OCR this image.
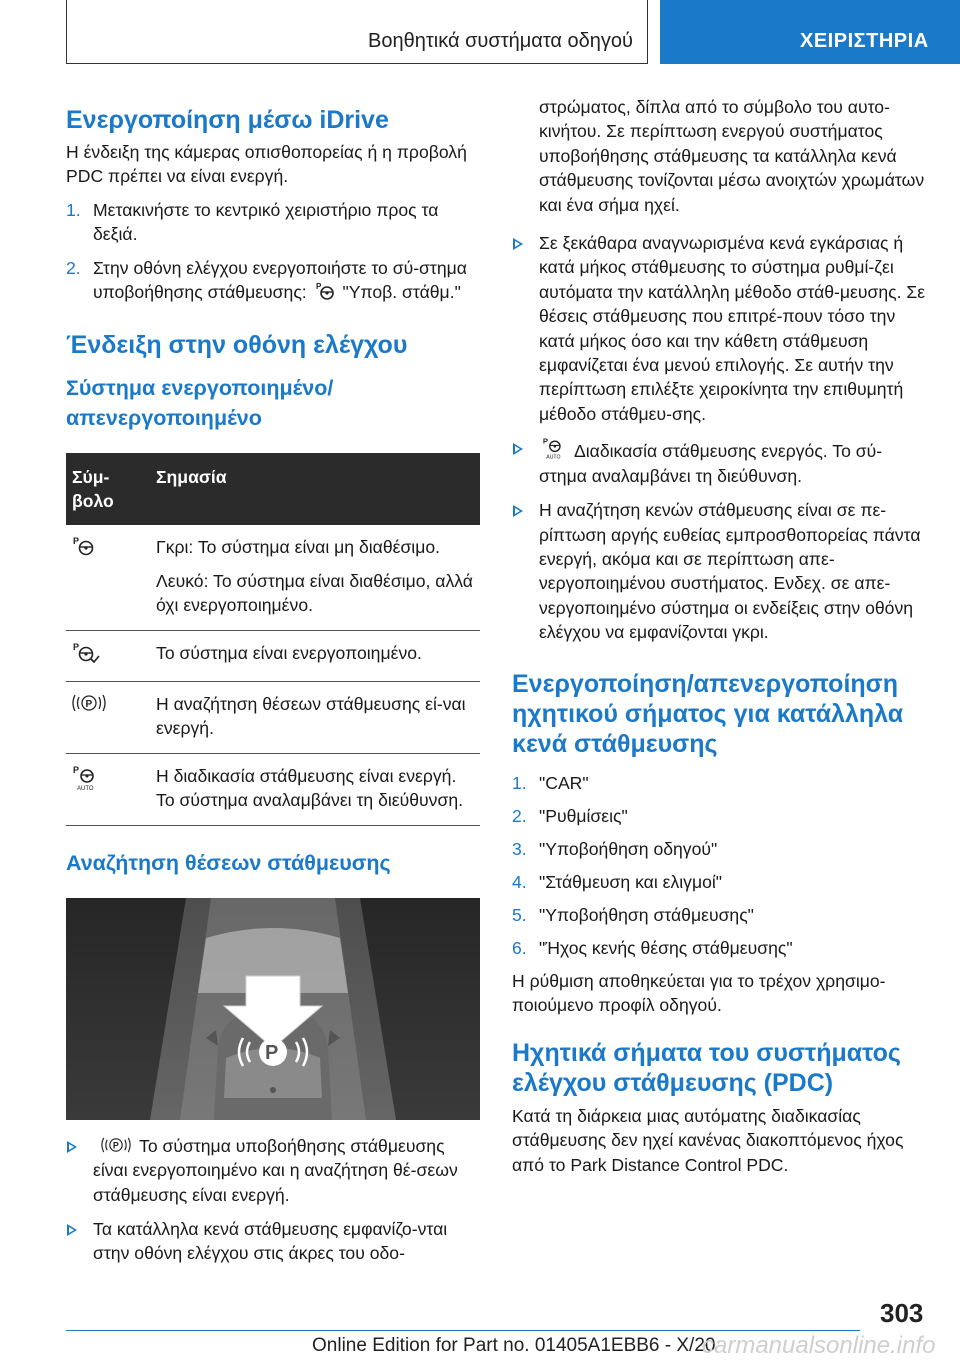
Βοηθητικά συστήματα οδηγού	ΧΕΙΡΙΣΤΗΡΙΑ
Ενεργοποίηση μέσω iDrive

Η ένδειξη της κάμερας οπισθοπορείας ή η προβολή PDC πρέπει να είναι ενεργή.

1. Μετακινήστε το κεντρικό χειριστήριο προς τα δεξιά.
2. Στην οθόνη ελέγχου ενεργοποιήστε το σύ-στημα υποβοήθησης στάθμευσης: P "Υποβ. στάθμ."
Ένδειξη στην οθόνη ελέγχου
Σύστημα ενεργοποιημένο/απενεργοποιημένο
Σύμ-βολο	Σημασία

P	Γκρι: Το σύστημα είναι μη διαθέσιμο.
Λευκό: Το σύστημα είναι διαθέσιμο, αλλά όχι ενεργοποιημένο.

P	Το σύστημα είναι ενεργοποιημένο.

P	Η αναζήτηση θέσεων στάθμευσης εί-ναι ενεργή.

P
AUTO	Η διαδικασία στάθμευσης είναι ενεργή. Το σύστημα αναλαμβάνει τη διεύθυνση.
Αναζήτηση θέσεων στάθμευσης
P
P Το σύστημα υποβοήθησης στάθμευσης είναι ενεργοποιημένο και η αναζήτηση θέ-σεων στάθμευσης είναι ενεργή.
Τα κατάλληλα κενά στάθμευσης εμφανίζο-νται στην οθόνη ελέγχου στις άκρες του οδο-

στρώματος, δίπλα από το σύμβολο του αυτο-κινήτου. Σε περίπτωση ενεργού συστήματος υποβοήθησης στάθμευσης τα κατάλληλα κενά στάθμευσης τονίζονται μέσω ανοιχτών χρωμάτων και ένα σήμα ηχεί.

Σε ξεκάθαρα αναγνωρισμένα κενά εγκάρσιας ή κατά μήκος στάθμευσης το σύστημα ρυθμί-ζει αυτόματα την κατάλληλη μέθοδο στάθ-μευσης. Σε θέσεις στάθμευσης που επιτρέ-πουν τόσο την κατά μήκος όσο και την κάθετη στάθμευση εμφανίζεται ένα μενού επιλογής. Σε αυτήν την περίπτωση επιλέξτε χειροκίνητα την επιθυμητή μέθοδο στάθμευ-σης.
P
AUTO Διαδικασία στάθμευσης ενεργός. Το σύ-στημα αναλαμβάνει τη διεύθυνση.
Η αναζήτηση κενών στάθμευσης είναι σε πε-ρίπτωση αργής ευθείας εμπροσθοπορείας πάντα ενεργή, ακόμα και σε περίπτωση απε-νεργοποιημένου συστήματος. Ενδεχ. σε απε-νεργοποιημένο σύστημα οι ενδείξεις στην οθόνη ελέγχου να εμφανίζονται γκρι.
Ενεργοποίηση/απενεργοποίηση ηχητικού σήματος για κατάλληλα κενά στάθμευσης
1. "CAR"
2. "Ρυθμίσεις"
3. "Υποβοήθηση οδηγού"
4. "Στάθμευση και ελιγμοί"
5. "Υποβοήθηση στάθμευσης"
6. "Ήχος κενής θέσης στάθμευσης"

Η ρύθμιση αποθηκεύεται για το τρέχον χρησιμο-ποιούμενο προφίλ οδηγού.

Ηχητικά σήματα του συστήματος ελέγχου στάθμευσης (PDC)

Κατά τη διάρκεια μιας αυτόματης διαδικασίας στάθμευσης δεν ηχεί κανένας διακοπτόμενος ήχος από το Park Distance Control PDC.

303
Online Edition for Part no. 01405A1EBB6 - X/20
carmanualsonline.info
